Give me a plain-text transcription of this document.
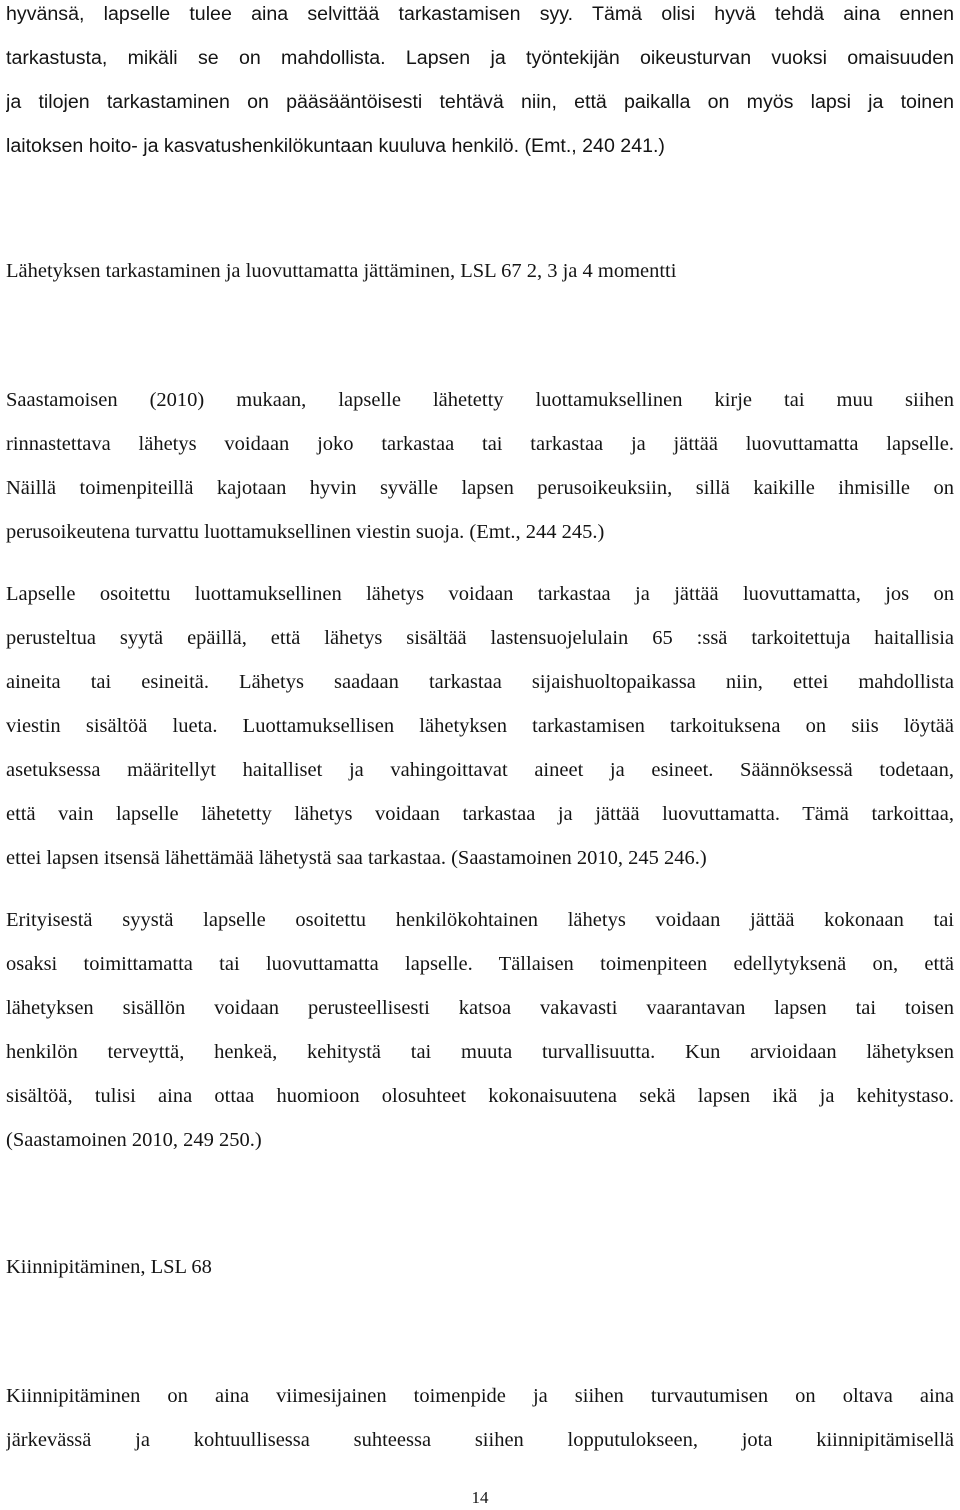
hyvänsä, lapselle tulee aina selvittää tarkastamisen syy. Tämä olisi hyvä tehdä aina ennen
tarkastusta, mikäli se on mahdollista. Lapsen ja työntekijän oikeusturvan vuoksi omaisuuden
ja tilojen tarkastaminen on pääsääntöisesti tehtävä niin, että paikalla on myös lapsi ja toinen
laitoksen hoito- ja kasvatushenkilökuntaan kuuluva henkilö. (Emt., 240 241.)
Lähetyksen tarkastaminen ja luovuttamatta jättäminen, LSL 67 2, 3 ja 4 momentti
Saastamoisen (2010) mukaan, lapselle lähetetty luottamuksellinen kirje tai muu siihen
rinnastettava lähetys voidaan joko tarkastaa tai tarkastaa ja jättää luovuttamatta lapselle.
Näillä toimenpiteillä kajotaan hyvin syvälle lapsen perusoikeuksiin, sillä kaikille ihmisille on
perusoikeutena turvattu luottamuksellinen viestin suoja. (Emt., 244 245.)
Lapselle osoitettu luottamuksellinen lähetys voidaan tarkastaa ja jättää luovuttamatta, jos on
perusteltua syytä epäillä, että lähetys sisältää lastensuojelulain 65 :ssä tarkoitettuja haitallisia
aineita tai esineitä. Lähetys saadaan tarkastaa sijaishuoltopaikassa niin, ettei mahdollista
viestin sisältöä lueta. Luottamuksellisen lähetyksen tarkastamisen tarkoituksena on siis löytää
asetuksessa määritellyt haitalliset ja vahingoittavat aineet ja esineet. Säännöksessä todetaan,
että vain lapselle lähetetty lähetys voidaan tarkastaa ja jättää luovuttamatta. Tämä tarkoittaa,
ettei lapsen itsensä lähettämää lähetystä saa tarkastaa. (Saastamoinen 2010, 245 246.)
Erityisestä syystä lapselle osoitettu henkilökohtainen lähetys voidaan jättää kokonaan tai
osaksi toimittamatta tai luovuttamatta lapselle. Tällaisen toimenpiteen edellytyksenä on, että
lähetyksen sisällön voidaan perusteellisesti katsoa vakavasti vaarantavan lapsen tai toisen
henkilön terveyttä, henkeä, kehitystä tai muuta turvallisuutta. Kun arvioidaan lähetyksen
sisältöä, tulisi aina ottaa huomioon olosuhteet kokonaisuutena sekä lapsen ikä ja kehitystaso.
(Saastamoinen 2010, 249 250.)
Kiinnipitäminen, LSL 68
Kiinnipitäminen on aina viimesijainen toimenpide ja siihen turvautumisen on oltava aina
järkevässä ja kohtuullisessa suhteessa siihen lopputulokseen, jota kiinnipitämisellä
14
